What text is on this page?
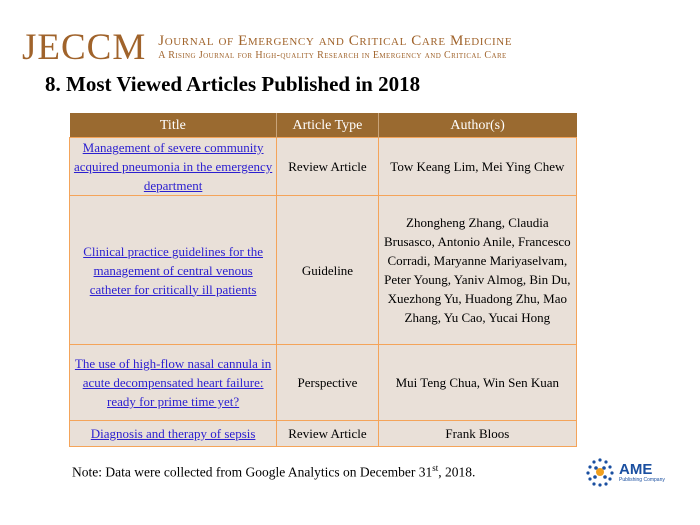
JECCM Journal of Emergency and Critical Care Medicine
A Rising Journal for High-quality Research in Emergency and Critical Care
8. Most Viewed Articles Published in 2018
Title	Article Type	Author(s)
Management of severe community acquired pneumonia in the emergency department	Review Article	Tow Keang Lim, Mei Ying Chew
Clinical practice guidelines for the management of central venous catheter for critically ill patients	Guideline	Zhongheng Zhang, Claudia Brusasco, Antonio Anile, Francesco Corradi, Maryanne Mariyaselvam, Peter Young, Yaniv Almog, Bin Du, Xuezhong Yu, Huadong Zhu, Mao Zhang, Yu Cao, Yucai Hong
The use of high-flow nasal cannula in acute decompensated heart failure: ready for prime time yet?	Perspective	Mui Teng Chua, Win Sen Kuan
Diagnosis and therapy of sepsis	Review Article	Frank Bloos
Note: Data were collected from Google Analytics on December 31st, 2018.	AME
Publishing Company
